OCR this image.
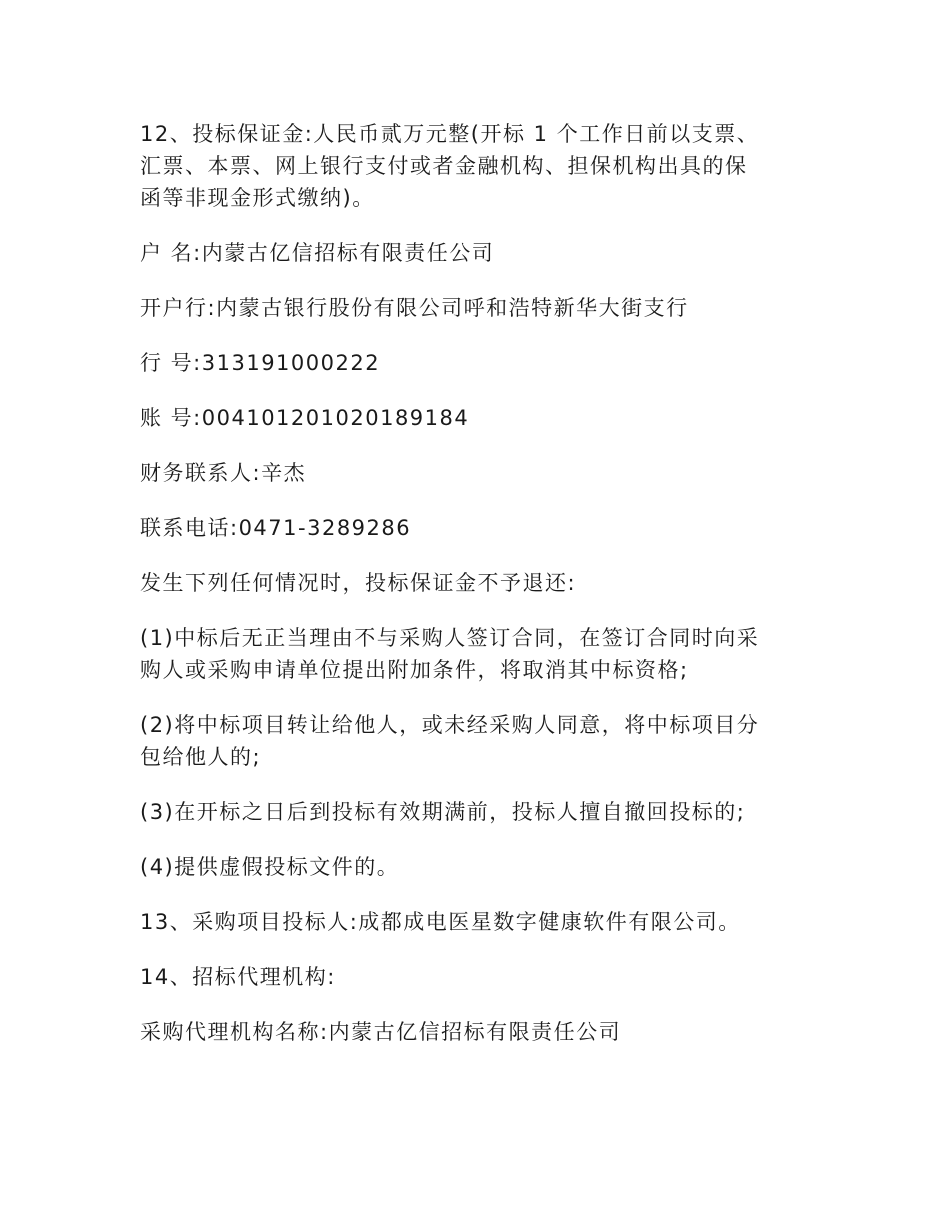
12、投标保证金:人民币贰万元整(开标 1 个工作日前以支票、
汇票、本票、网上银行支付或者金融机构、担保机构出具的保
函等非现金形式缴纳)。

户 名:内蒙古亿信招标有限责任公司

开户行:内蒙古银行股份有限公司呼和浩特新华大街支行

行 号:313191000222

账 号:004101201020189184

财务联系人:辛杰

联系电话:0471-3289286

发生下列任何情况时，投标保证金不予退还:

(1)中标后无正当理由不与采购人签订合同，在签订合同时向采
购人或采购申请单位提出附加条件，将取消其中标资格;

(2)将中标项目转让给他人，或未经采购人同意，将中标项目分
包给他人的;

(3)在开标之日后到投标有效期满前，投标人擅自撤回投标的;

(4)提供虚假投标文件的。

13、采购项目投标人:成都成电医星数字健康软件有限公司。

14、招标代理机构:

采购代理机构名称:内蒙古亿信招标有限责任公司
